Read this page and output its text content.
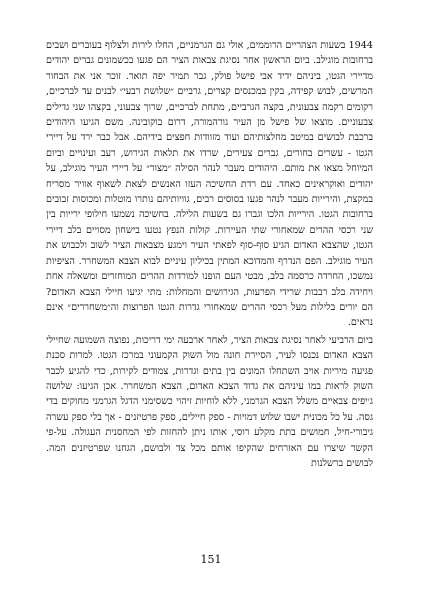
1944 בשעות הצהריים הרוממים, אולי גם הגרמניים, החלו לירות ולצלוף בעוברים ושבים ברחובות מוגילב. ביום הראשון אחר נסיגת צבאות הציר הם פגעו בכשמונים גברים יהודים מדיירי הגטו, ביניהם ידיד אבי פישל פולק, גבר תמיר יפה תואר. זוכר אני את הבחור המרשים, לבוש קפידה, בקין במכנסים קצרים, גרביים ״שלושת רבעי״ לבנים עד לברכיים, רקומים רקמה צבעונית, בקצה הגרביים, מתחת לברכיים, שרוך צבעוני, בקצהו שני גדילים צבעוניים. מוצאו של פישל מן העיר גורהמורה, דרום בוקובינה. משם הגיעו היהודים ברכבת לבושים במיטב מחלצותיהם ועוד מזוודות חפצים בידיהם. אבל כבר ירד על דיירי הגטו - עשרים בחורים, גברים צעירים, שרדו את תלאות הגירוש, רעב ועינויים וביום המיוחל מצאו את מותם. היהודים מעבר לנהר הסילה ״מצור״ על דיירי העיר מוגילב, על יהודים ואוקראינים כאחד. עם רדת החשיכה העזו האנשים לצאת לשאוף אוויר מסריח במקצת, והירייות מעבר לנהר פגעו בסוסים רבים, גוויותיהם נותרו מוטלות ומכוסות זבובים ברחובות הגטו. הירייות הלכו וגברו גם בשעות הלילה. בחשיכה נשמעו חילופי ירייות בין שני רכסי ההרים שמאחורי שתי העיירות. קולות הנפץ נטעו בישחון מסויים בלב דיירי הגטו, שהצבא האדום הגיע סוף-סוף לפאתי העיר וימגע מצבאות הציר לשוב ולכבוש את העיר מוגילב. הפם הנדרף והמדוכא המתין בכיליון עיניים לבוא הצבא המשחרר. הציפיות נמשכו, החרדה כרסמה בלב, מבטי העם הופנו למורדות ההרים המוחזרים ומשאלה אחת ויחידה בלב רבבות שרידי הפרעות, הגירושים והמחלות: מתי יגיעו חיילי הצבא האדום? הם יורים בלילות מעל רכסי ההרים שמאחורי גדרות הגטו הפרוצות וה״משחררים״ אינם נראים.

ביום הרביעי לאחר נסיגת צבאות הציר, לאחר ארבעה ימי דריכות, נפוצה השמועה שחיילי הצבא האדום נכנסו לעיר, הסיירת חונה מול השוק הקמעוני במרכז הגטו. למרות סכנת פגיעה מיריות אויב השתחלו המונים בין בתים וגדרות, צמודים לקירות, כדי להגיע לכבר השוק לראות במו עיניהם את גדוד הצבא האדום, הצבא המשחרר. אכן הגיעו: שלושה ג׳יפים צבאיים משלל הצבא הגרמני, ללא לוחיות זיהוי כשסימני הדגל הגרמני מחוקים בדי גסה. על כל מכונית ישבו שלוש דמויות - ספק חיילים, ספק פרטיזנים - אך בלי ספק עשרה גיבורי-חיל, חמושים בתת מקלע רוסי, אותו ניתן להחזות לפי המחסנית העגולה. על-פי הקשר שיצרו עם האזרחים שהקיפו אותם מכל צד ולבושם, הגחנו שפרטיזנים המה. לבושים ברשלנות

151
